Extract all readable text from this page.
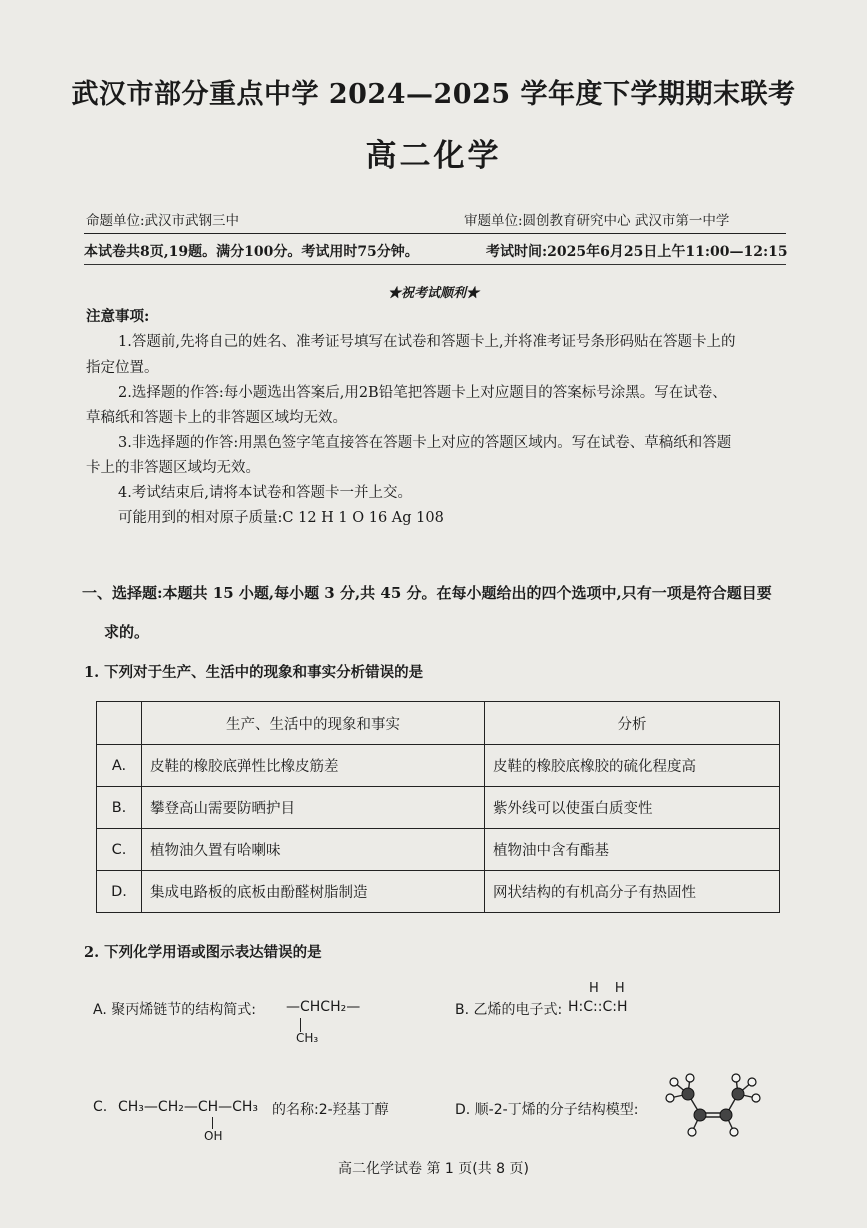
武汉市部分重点中学 2024—2025 学年度下学期期末联考
高二化学
命题单位:武汉市武钢三中	审题单位:圆创教育研究中心 武汉市第一中学
本试卷共8页,19题。满分100分。考试用时75分钟。	考试时间:2025年6月25日上午11:00—12:15
★祝考试顺利★
注意事项:
1.答题前,先将自己的姓名、准考证号填写在试卷和答题卡上,并将准考证号条形码贴在答题卡上的
指定位置。
2.选择题的作答:每小题选出答案后,用2B铅笔把答题卡上对应题目的答案标号涂黑。写在试卷、
草稿纸和答题卡上的非答题区域均无效。
3.非选择题的作答:用黑色签字笔直接答在答题卡上对应的答题区域内。写在试卷、草稿纸和答题
卡上的非答题区域均无效。
4.考试结束后,请将本试卷和答题卡一并上交。
可能用到的相对原子质量:C 12 H 1 O 16 Ag 108
一、选择题:本题共 15 小题,每小题 3 分,共 45 分。在每小题给出的四个选项中,只有一项是符合题目要
求的。
1. 下列对于生产、生活中的现象和事实分析错误的是
	生产、生活中的现象和事实	分析
A.	皮鞋的橡胶底弹性比橡皮筋差	皮鞋的橡胶底橡胶的硫化程度高
B.	攀登高山需要防晒护目	紫外线可以使蛋白质变性
C.	植物油久置有哈喇味	植物油中含有酯基
D.	集成电路板的底板由酚醛树脂制造	网状结构的有机高分子有热固性
2. 下列化学用语或图示表达错误的是
A. 聚丙烯链节的结构简式: —CHCH₂—
CH₃
H H
B. 乙烯的电子式: H:C::C:H
C. CH₃—CH₂—CH—CH₃ 的名称:2-羟基丁醇
OH
D. 顺-2-丁烯的分子结构模型:
高二化学试卷 第 1 页(共 8 页)
